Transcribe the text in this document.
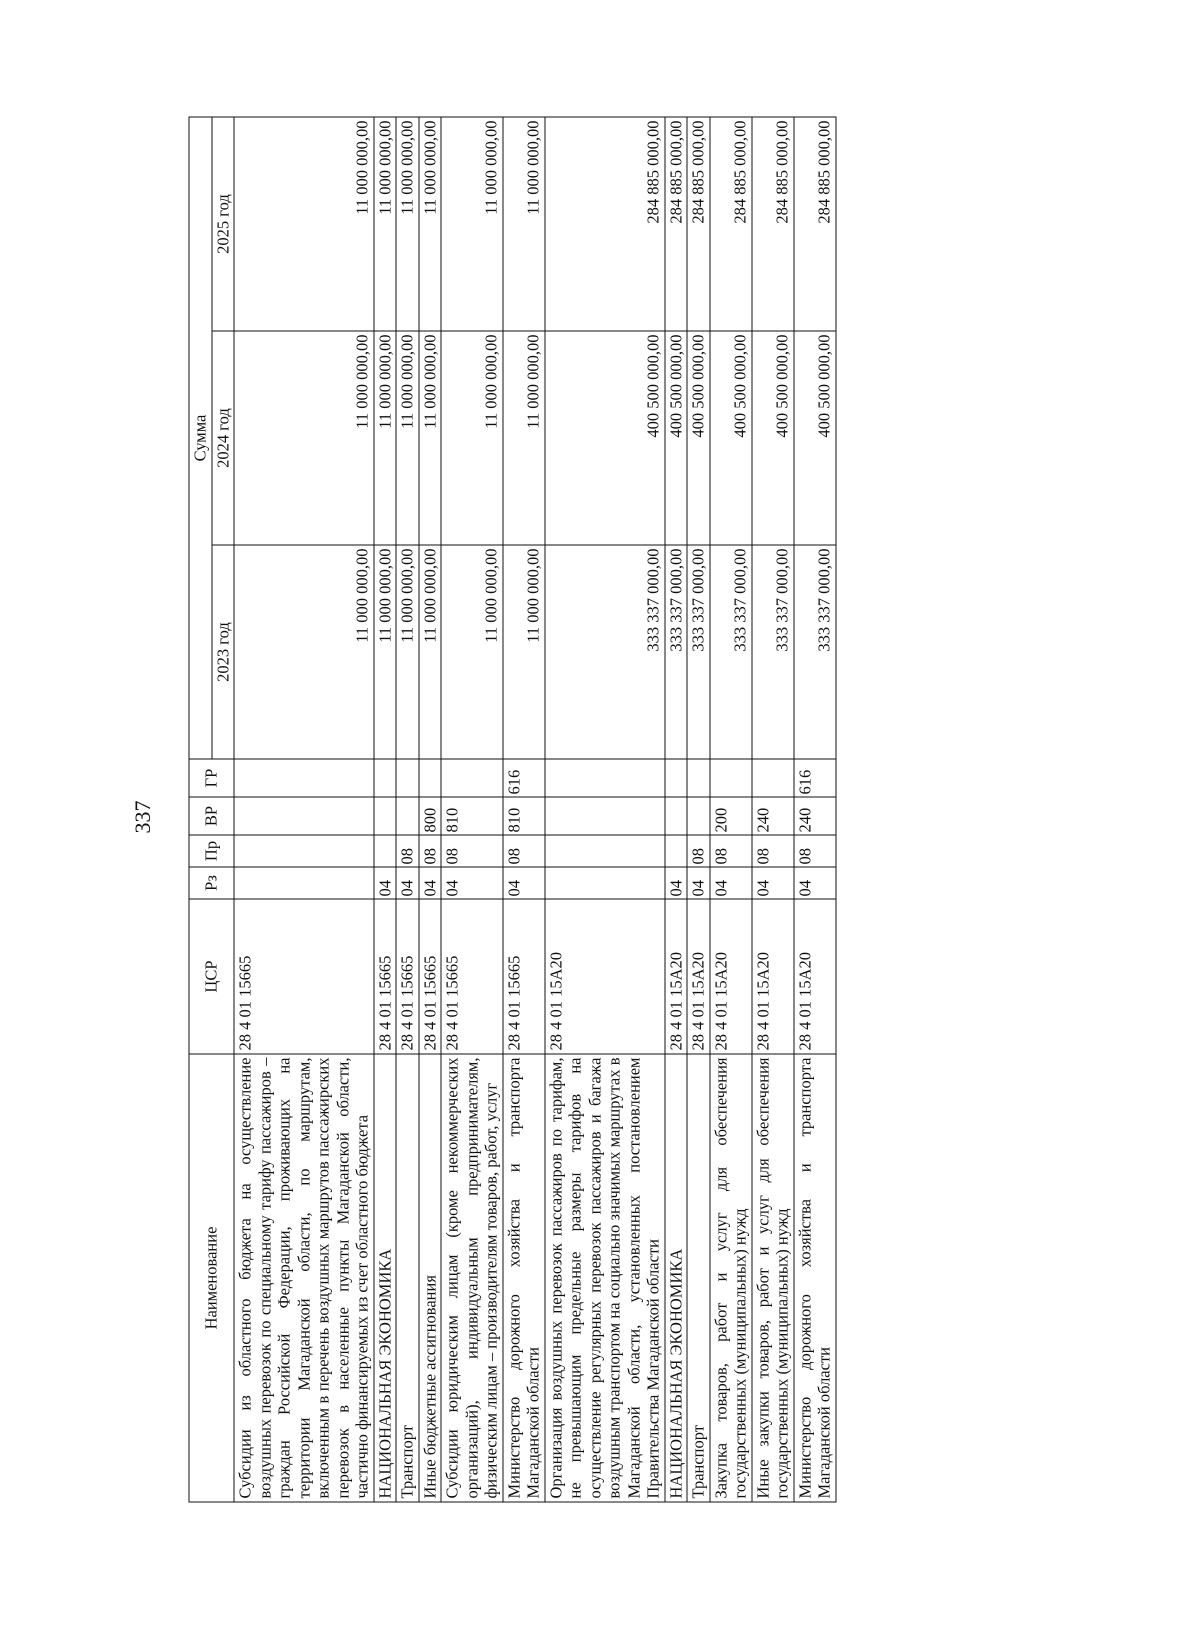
337
Наименование	ЦСР	Рз	Пр	ВР	ГР	Сумма		
						2023 год	2024 год	2025 год
Субсидии из областного бюджета на осуществление воздушных перевозок по специальному тарифу пассажиров – граждан Российской Федерации, проживающих на территории Магаданской области, по маршрутам, включенным в перечень воздушных маршрутов пассажирских перевозок в населенные пункты Магаданской области, частично финансируемых из счет областного бюджета	28 4 01 15665					11 000 000,00	11 000 000,00	11 000 000,00
НАЦИОНАЛЬНАЯ ЭКОНОМИКА	28 4 01 15665	04				11 000 000,00	11 000 000,00	11 000 000,00
Транспорт	28 4 01 15665	04	08			11 000 000,00	11 000 000,00	11 000 000,00
Иные бюджетные ассигнования	28 4 01 15665	04	08	800		11 000 000,00	11 000 000,00	11 000 000,00
Субсидии юридическим лицам (кроме некоммерческих организаций), индивидуальным предпринимателям, физическим лицам – производителям товаров, работ, услуг	28 4 01 15665	04	08	810		11 000 000,00	11 000 000,00	11 000 000,00
Министерство дорожного хозяйства и транспорта Магаданской области	28 4 01 15665	04	08	810	616	11 000 000,00	11 000 000,00	11 000 000,00
Организация воздушных перевозок пассажиров по тарифам, не превышающим предельные размеры тарифов на осуществление регулярных перевозок пассажиров и багажа воздушным транспортом на социально значимых маршрутах в Магаданской области, установленных постановлением Правительства Магаданской области	28 4 01 15А20					333 337 000,00	400 500 000,00	284 885 000,00
НАЦИОНАЛЬНАЯ ЭКОНОМИКА	28 4 01 15А20	04				333 337 000,00	400 500 000,00	284 885 000,00
Транспорт	28 4 01 15А20	04	08			333 337 000,00	400 500 000,00	284 885 000,00
Закупка товаров, работ и услуг для обеспечения государственных (муниципальных) нужд	28 4 01 15А20	04	08	200		333 337 000,00	400 500 000,00	284 885 000,00
Иные закупки товаров, работ и услуг для обеспечения государственных (муниципальных) нужд	28 4 01 15А20	04	08	240		333 337 000,00	400 500 000,00	284 885 000,00
Министерство дорожного хозяйства и транспорта Магаданской области	28 4 01 15А20	04	08	240	616	333 337 000,00	400 500 000,00	284 885 000,00
